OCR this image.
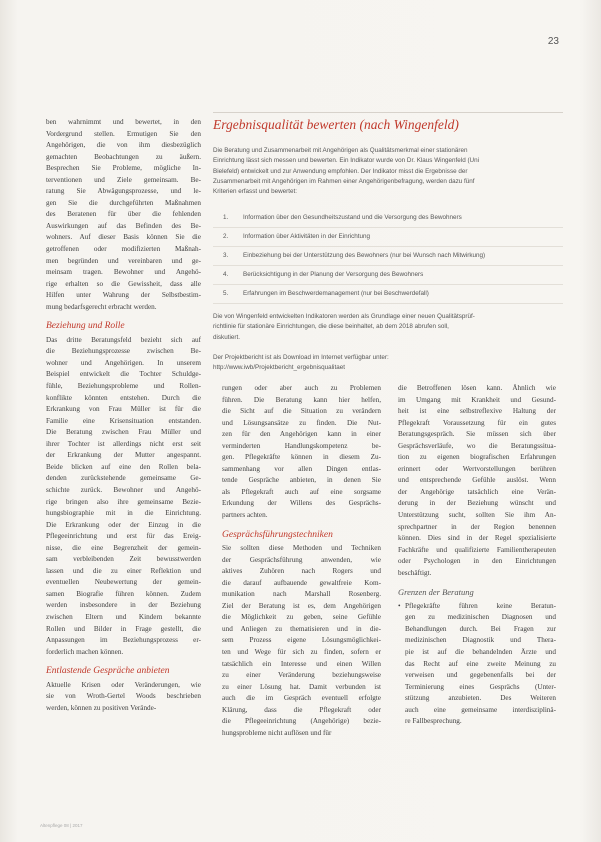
23
ben wahrnimmt und bewertet, in den
Vordergrund stellen. Ermutigen Sie den
Angehörigen, die von ihm diesbezüglich
gemachten Beobachtungen zu äußern.
Besprechen Sie Probleme, mögliche In-
terventionen und Ziele gemeinsam. Be-
ratung Sie Abwägungsprozesse, und le-
gen Sie die durchgeführten Maßnahmen
des Beratenen für über die fehlenden
Auswirkungen auf das Befinden des Be-
wohners. Auf dieser Basis können Sie die
getroffenen oder modifizierten Maßnah-
men begründen und vereinbaren und ge-
meinsam tragen. Bewohner und Angehö-
rige erhalten so die Gewissheit, dass alle
Hilfen unter Wahrung der Selbstbestim-
mung bedarfsgerecht erbracht werden.
Beziehung und Rolle
Das dritte Beratungsfeld bezieht sich auf
die Beziehungsprozesse zwischen Be-
wohner und Angehörigen. In unserem
Beispiel entwickelt die Tochter Schuldge-
fühle, Beziehungsprobleme und Rollen-
konflikte könnten entstehen. Durch die
Erkrankung von Frau Müller ist für die
Familie eine Krisensituation entstanden.
Die Beratung zwischen Frau Müller und
ihrer Tochter ist allerdings nicht erst seit
der Erkrankung der Mutter angespannt.
Beide blicken auf eine den Rollen bela-
denden zurückstehende gemeinsame Ge-
schichte zurück. Bewohner und Angehö-
rige bringen also ihre gemeinsame Bezie-
hungsbiographie mit in die Einrichtung.
Die Erkrankung oder der Einzug in die
Pflegeeinrichtung und erst für das Ereig-
nisse, die eine Begrenzheit der gemein-
sam verbleibenden Zeit bewusstwerden
lassen und die zu einer Reflektion und
eventuellen Neubewertung der gemein-
samen Biografie führen können. Zudem
werden insbesondere in der Beziehung
zwischen Eltern und Kindern bekannte
Rollen und Bilder in Frage gestellt, die
Anpassungen im Beziehungsprozess er-
forderlich machen können.
Entlastende Gespräche anbieten
Aktuelle Krisen oder Veränderungen, wie
sie von Wroth-Gertel Woods beschrieben
werden, können zu positiven Verände-
Ergebnisqualität bewerten (nach Wingenfeld)
Die Beratung und Zusammenarbeit mit Angehörigen als Qualitätsmerkmal einer stationären
Einrichtung lässt sich messen und bewerten. Ein Indikator wurde von Dr. Klaus Wingenfeld (Uni
Bielefeld) entwickelt und zur Anwendung empfohlen. Der Indikator misst die Ergebnisse der
Zusammenarbeit mit Angehörigen im Rahmen einer Angehörigenbefragung, werden dazu fünf
Kriterien erfasst und bewertet:
1. Information über den Gesundheitszustand und die Versorgung des Bewohners
2. Information über Aktivitäten in der Einrichtung
3. Einbeziehung bei der Unterstützung des Bewohners (nur bei Wunsch nach Mitwirkung)
4. Berücksichtigung in der Planung der Versorgung des Bewohners
5. Erfahrungen im Beschwerdemanagement (nur bei Beschwerdefall)
Die von Wingenfeld entwickelten Indikatoren werden als Grundlage einer neuen Qualitätsprüf-
richtlinie für stationäre Einrichtungen, die diese beinhaltet, ab dem 2018 abrufen soll,
diskutiert.

Der Projektbericht ist als Download im Internet verfügbar unter:
http://www.iwb/Projektbericht_ergebnisqualitaet
rungen oder aber auch zu Problemen
führen. Die Beratung kann hier helfen,
die Sicht auf die Situation zu verändern
und Lösungsansätze zu finden. Die Nut-
zen für den Angehörigen kann in einer
verminderten Handlungskompetenz be-
gen. Pflegekräfte können in diesem Zu-
sammenhang vor allen Dingen entlas-
tende Gespräche anbieten, in denen Sie
als Pflegekraft auch auf eine sorgsame
Erkundung der Willens des Gesprächs-
partners achten.
Gesprächsführungstechniken
Sie sollten diese Methoden und Techniken
der Gesprächsführung anwenden, wie
aktives Zuhören nach Rogers und
die darauf aufbauende gewaltfreie Kom-
munikation nach Marshall Rosenberg.
Ziel der Beratung ist es, dem Angehörigen
die Möglichkeit zu geben, seine Gefühle
und Anliegen zu thematisieren und in die-
sem Prozess eigene Lösungsmöglichkei-
ten und Wege für sich zu finden, sofern er
tatsächlich ein Interesse und einen Willen
zu einer Veränderung beziehungsweise
zu einer Lösung hat. Damit verbunden ist
auch die im Gespräch eventuell erfolgte
Klärung, dass die Pflegekraft oder
die Pflegeeinrichtung (Angehörige) bezie-
hungsprobleme nicht auflösen und für
die Betroffenen lösen kann. Ähnlich wie
im Umgang mit Krankheit und Gesund-
heit ist eine selbstreflexive Haltung der
Pflegekraft Voraussetzung für ein gutes
Beratungsgespräch. Sie müssen sich über
Gesprächsverläufe, wo die Beratungssitua-
tion zu eigenen biografischen Erfahrungen
erinnert oder Wertvorstellungen berühren
und entsprechende Gefühle auslöst. Wenn
der Angehörige tatsächlich eine Verän-
derung in der Beziehung wünscht und
Unterstützung sucht, sollten Sie ihm An-
sprechpartner in der Region benennen
können. Dies sind in der Regel spezialisierte
Fachkräfte und qualifizierte Familientherapeuten
oder Psychologen in den Einrichtungen
beschäftigt.
Grenzen der Beratung
• Pflegekräfte führen keine Beratun-
gen zu medizinischen Diagnosen und
Behandlungen durch. Bei Fragen zur
medizinischen Diagnostik und Thera-
pie ist auf die behandelnden Ärzte und
das Recht auf eine zweite Meinung zu
verweisen und gegebenenfalls bei der
Terminierung eines Gesprächs (Unter-
stützung anzubieten. Des Weiteren
auch eine gemeinsame interdisziplinä-
re Fallbesprechung.
Altenpflege 08 | 2017
